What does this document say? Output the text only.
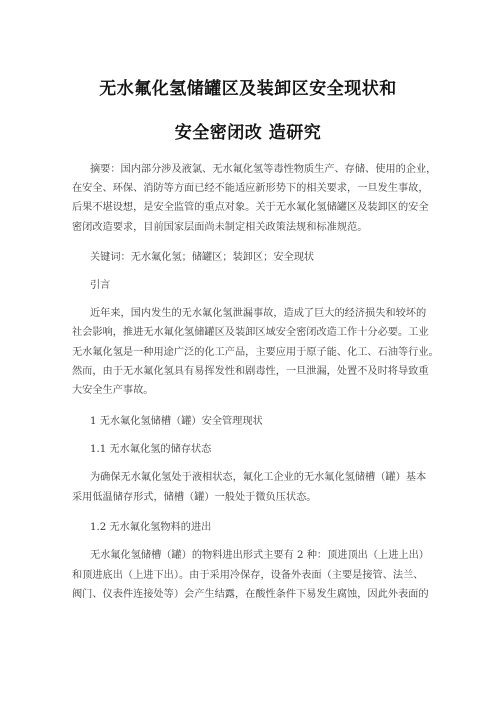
无水氟化氢储罐区及装卸区安全现状和
安全密闭改 造研究
摘要：国内部分涉及液氯、无水氟化氢等毒性物质生产、存储、使用的企业，
在安全、环保、消防等方面已经不能适应新形势下的相关要求，一旦发生事故，
后果不堪设想，是安全监管的重点对象。关于无水氟化氢储罐区及装卸区的安全
密闭改造要求，目前国家层面尚未制定相关政策法规和标准规范。
关键词：无水氟化氢；储罐区；装卸区；安全现状
引言
近年来，国内发生的无水氟化氢泄漏事故，造成了巨大的经济损失和较坏的
社会影响，推进无水氟化氢储罐区及装卸区域安全密闭改造工作十分必要。工业
无水氟化氢是一种用途广泛的化工产品，主要应用于原子能、化工、石油等行业。
然而，由于无水氟化氢具有易挥发性和剧毒性，一旦泄漏，处置不及时将导致重
大安全生产事故。
1 无水氟化氢储槽（罐）安全管理现状
1.1 无水氟化氢的储存状态
为确保无水氟化氢处于液相状态，氟化工企业的无水氟化氢储槽（罐）基本
采用低温储存形式，储槽（罐）一般处于微负压状态。
1.2 无水氟化氢物料的进出
无水氟化氢储槽（罐）的物料进出形式主要有 2 种：顶进顶出（上进上出）
和顶进底出（上进下出）。由于采用冷保存，设备外表面（主要是接管、法兰、
阀门、仪表件连接处等）会产生结露，在酸性条件下易发生腐蚀，因此外表面的
